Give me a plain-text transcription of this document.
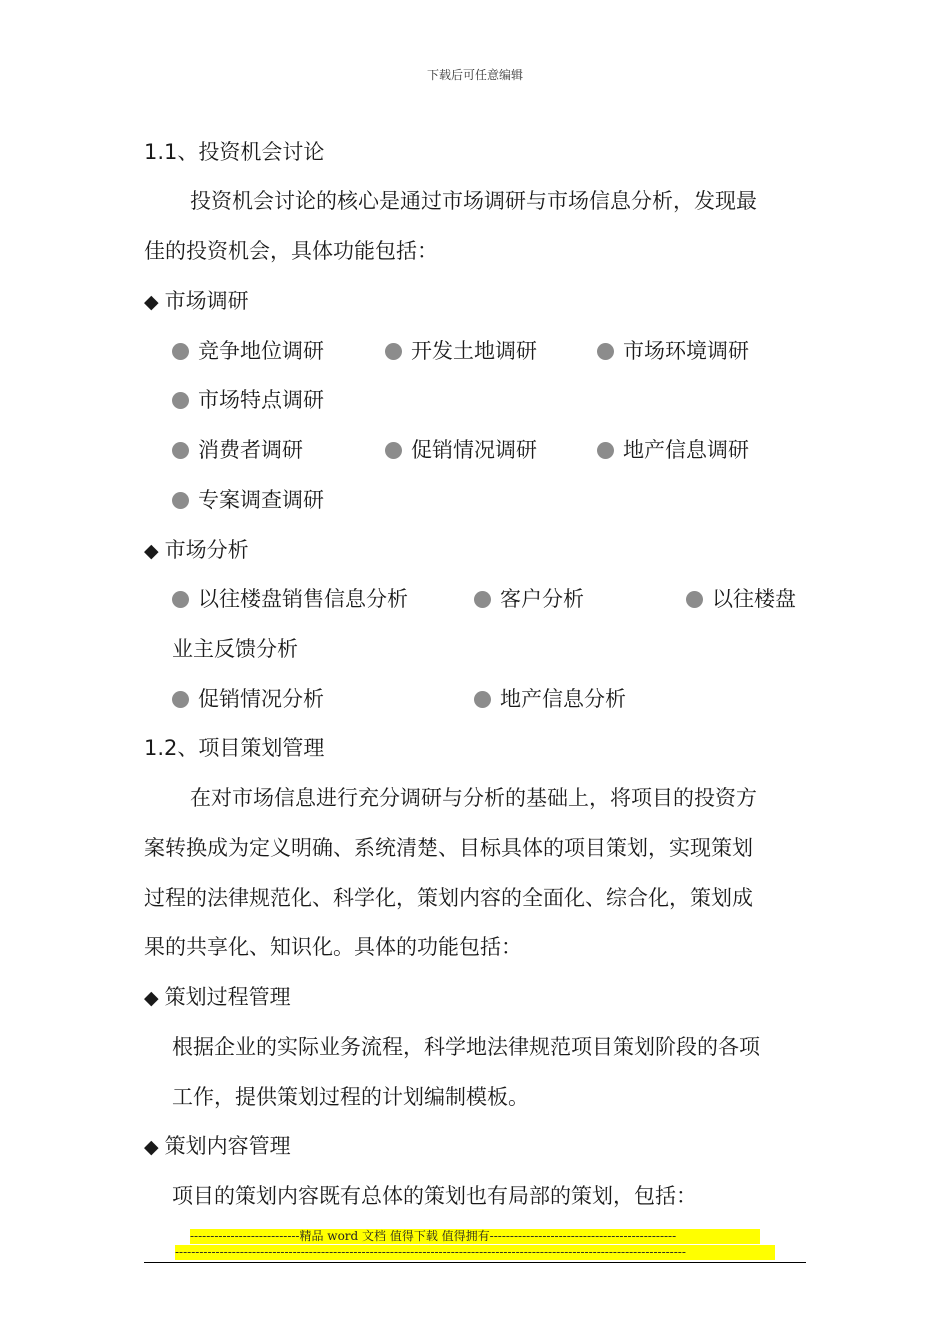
下载后可任意编辑
1.1、投资机会讨论
投资机会讨论的核心是通过市场调研与市场信息分析，发现最
佳的投资机会，具体功能包括：
◆ 市场调研
竞争地位调研	开发土地调研	市场环境调研
市场特点调研
消费者调研	促销情况调研	地产信息调研
专案调查调研
◆ 市场分析
以往楼盘销售信息分析	客户分析	以往楼盘
业主反馈分析
促销情况分析	地产信息分析
1.2、项目策划管理
在对市场信息进行充分调研与分析的基础上，将项目的投资方
案转换成为定义明确、系统清楚、目标具体的项目策划，实现策划
过程的法律规范化、科学化，策划内容的全面化、综合化，策划成
果的共享化、知识化。具体的功能包括：
◆ 策划过程管理
根据企业的实际业务流程，科学地法律规范项目策划阶段的各项
工作，提供策划过程的计划编制模板。
◆ 策划内容管理
项目的策划内容既有总体的策划也有局部的策划，包括：
---------------------------精品 word 文档 值得下载 值得拥有----------------------------------------------
------------------------------------------------------------------------------------------------------------------------------
